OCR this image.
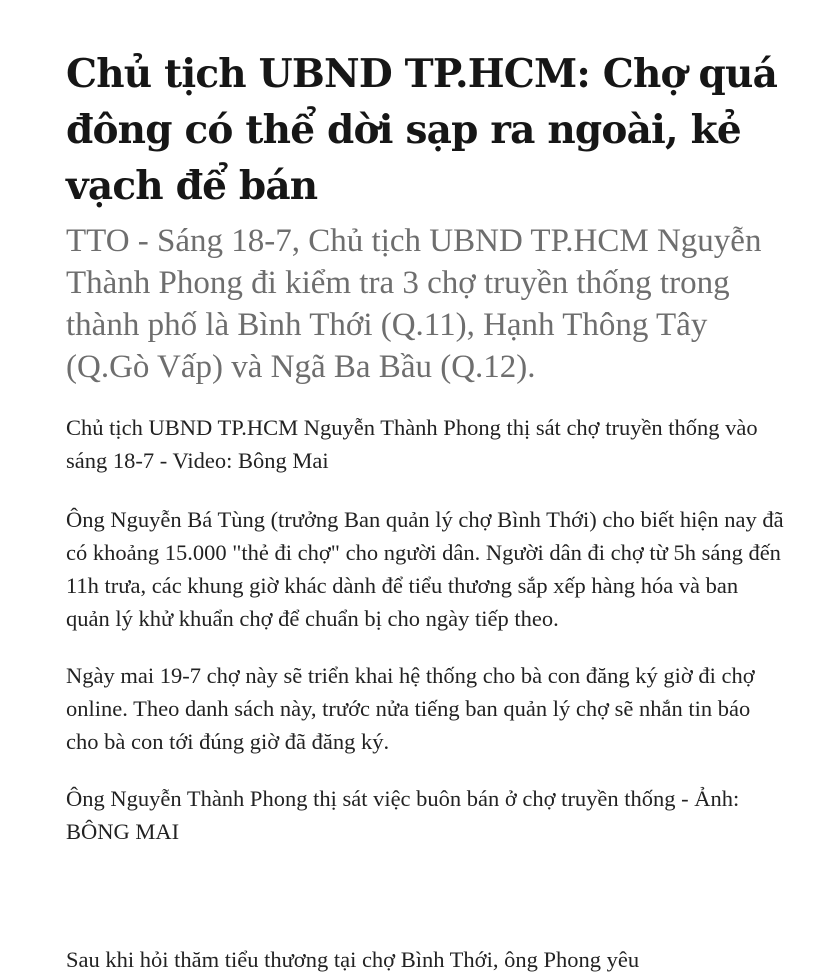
Chủ tịch UBND TP.HCM: Chợ quá đông có thể dời sạp ra ngoài, kẻ vạch để bán

TTO - Sáng 18-7, Chủ tịch UBND TP.HCM Nguyễn Thành Phong đi kiểm tra 3 chợ truyền thống trong thành phố là Bình Thới (Q.11), Hạnh Thông Tây (Q.Gò Vấp) và Ngã Ba Bầu (Q.12).

Chủ tịch UBND TP.HCM Nguyễn Thành Phong thị sát chợ truyền thống vào sáng 18-7 - Video: Bông Mai

Ông Nguyễn Bá Tùng (trưởng Ban quản lý chợ Bình Thới) cho biết hiện nay đã có khoảng 15.000 "thẻ đi chợ" cho người dân. Người dân đi chợ từ 5h sáng đến 11h trưa, các khung giờ khác dành để tiểu thương sắp xếp hàng hóa và ban quản lý khử khuẩn chợ để chuẩn bị cho ngày tiếp theo.

Ngày mai 19-7 chợ này sẽ triển khai hệ thống cho bà con đăng ký giờ đi chợ online. Theo danh sách này, trước nửa tiếng ban quản lý chợ sẽ nhắn tin báo cho bà con tới đúng giờ đã đăng ký.

Ông Nguyễn Thành Phong thị sát việc buôn bán ở chợ truyền thống - Ảnh: BÔNG MAI

Sau khi hỏi thăm tiểu thương tại chợ Bình Thới, ông Phong yêu
